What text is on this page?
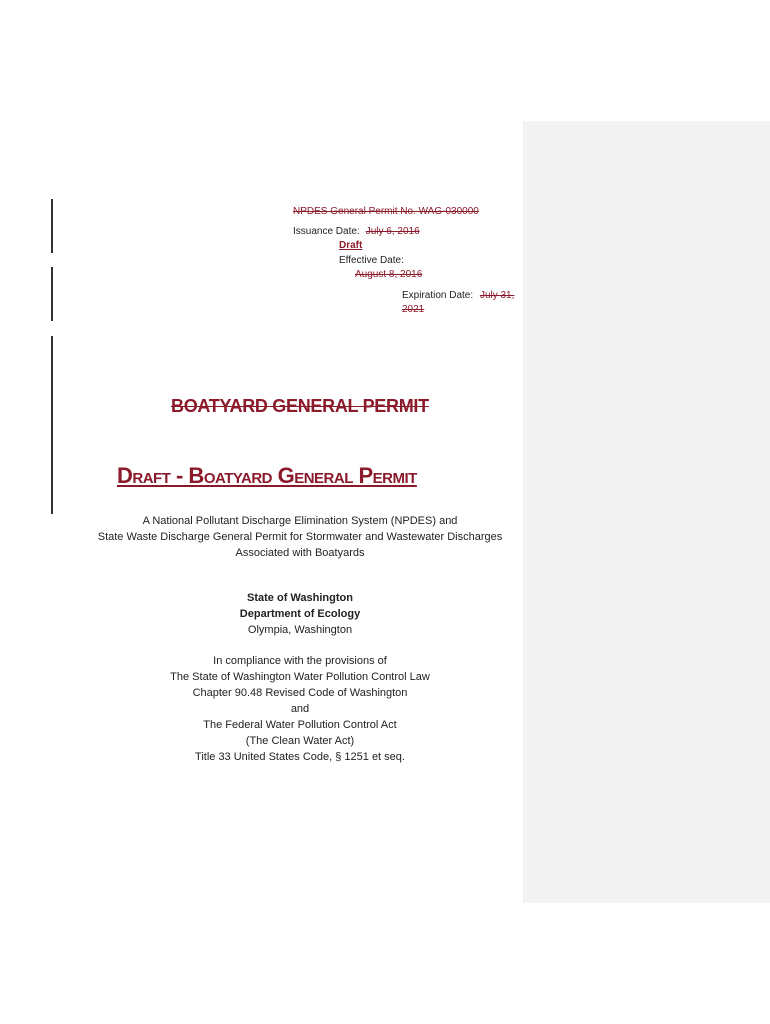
NPDES General Permit No. WAG-030000
Issuance Date: July 6, 2016
Draft
Effective Date:
August 8, 2016
Expiration Date: July 31,
2021
BOATYARD GENERAL PERMIT
Draft - Boatyard General Permit
A National Pollutant Discharge Elimination System (NPDES) and
State Waste Discharge General Permit for Stormwater and Wastewater Discharges
Associated with Boatyards
State of Washington
Department of Ecology
Olympia, Washington
In compliance with the provisions of
The State of Washington Water Pollution Control Law
Chapter 90.48 Revised Code of Washington
and
The Federal Water Pollution Control Act
(The Clean Water Act)
Title 33 United States Code, § 1251 et seq.
